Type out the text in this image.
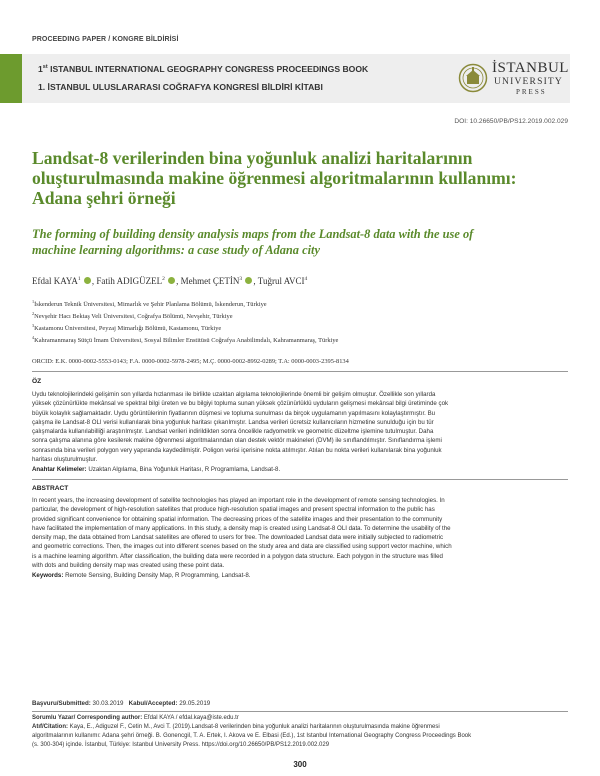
PROCEEDING PAPER / KONGRE BİLDİRİSİ
1st ISTANBUL INTERNATIONAL GEOGRAPHY CONGRESS PROCEEDINGS BOOK
1. İSTANBUL ULUSLARARASI COĞRAFYA KONGRESİ BİLDİRİ KİTABI
İSTANBUL
UNIVERSITY
PRESS
DOI: 10.26650/PB/PS12.2019.002.029
Landsat-8 verilerinden bina yoğunluk analizi haritalarının
oluşturulmasında makine öğrenmesi algoritmalarının kullanımı:
Adana şehri örneği
The forming of building density analysis maps from the Landsat-8 data with the use of
machine learning algorithms: a case study of Adana city
Efdal KAYA$^1$ , Fatih ADIGÜZEL$^2$ , Mehmet ÇETİN$^3$ , Tuğrul AVCI$^4$
$^1$İskenderun Teknik Üniversitesi, Mimarlık ve Şehir Planlama Bölümü, İskenderun, Türkiye
$^2$Nevşehir Hacı Bektaş Veli Üniversitesi, Coğrafya Bölümü, Nevşehir, Türkiye
$^3$Kastamonu Üniversitesi, Peyzaj Mimarlığı Bölümü, Kastamonu, Türkiye
$^4$Kahramanmaraş Sütçü İmam Üniversitesi, Sosyal Bilimler Enstitüsü Coğrafya Anabilimdalı, Kahramanmaraş, Türkiye
ORCID: E.K. 0000-0002-5553-0143; F.A. 0000-0002-5978-2495; M.Ç. 0000-0002-8992-0289; T.A: 0000-0003-2395-8134
ÖZ
Uydu teknolojilerindeki gelişimin son yıllarda hızlanması ile birlikte uzaktan algılama teknolojilerinde önemli bir gelişim olmuştur. Özellikle son yıllarda
yüksek çözünürlükte mekânsal ve spektral bilgi üreten ve bu bilgiyi topluma sunan yüksek çözünürlüklü uyduların gelişmesi mekânsal bilgi üretiminde çok
büyük kolaylık sağlamaktadır. Uydu görüntülerinin fiyatlarının düşmesi ve topluma sunulması da birçok uygulamanın yapılmasını kolaylaştırmıştır. Bu
çalışma ile Landsat-8 OLI verisi kullanılarak bina yoğunluk haritası çıkarılmıştır. Landsa verileri ücretsiz kullanıcıların hizmetine sunulduğu için bu tür
çalışmalarda kullanılabilliği araştırılmıştır. Landsat verileri indirildikten sonra öncelikle radyometrik ve geometric düzeltme işlemine tutulmuştur. Daha
sonra çalışma alanına göre kesilerek makine öğrenmesi algoritmalarından olan destek vektör makineleri (DVM) ile sınıflandılmıştır. Sınıflandırma işlemi
sonrasında bina verileri polygon very yapıranda kaydedilmiştir. Poligon verisi içerisine nokta atılmıştır. Atılan bu nokta verileri kullanılarak bina yoğunluk
haritası oluşturulmuştur.
Anahtar Kelimeler: Uzaktan Algılama, Bina Yoğunluk Haritası, R Programlama, Landsat-8.
ABSTRACT
In recent years, the increasing development of satellite technologies has played an important role in the development of remote sensing technologies. In
particular, the development of high-resolution satellites that produce high-resolution spatial images and present spectral information to the public has
provided significant convenience for obtaining spatial information. The decreasing prices of the satellite images and their presentation to the community
have facilitated the implementation of many applications. In this study, a density map is created using Landsat-8 OLI data. To determine the usability of the
density map, the data obtained from Landsat satellites are offered to users for free. The downloaded Landsat data were initially subjected to radiometric
and geometric corrections. Then, the images cut into different scenes based on the study area and data are classified using support vector machine, which
is a machine learning algorithm. After classification, the building data were recorded in a polygon data structure. Each polygon in the structure was filled
with dots and building density map was created using these point data.
Keywords: Remote Sensing, Building Density Map, R Programming, Landsat-8.
Başvuru/Submitted: 30.03.2019 Kabul/Accepted: 29.05.2019
Sorumlu Yazar/ Corresponding author: Efdal KAYA / efdal.kaya@iste.edu.tr
Atıf/Citation: Kaya, E., Adiguzel F., Cetin M., Avci T. (2019).Landsat-8 verilerinden bina yoğunluk analizi haritalarının oluşturulmasında makine öğrenmesi
algoritmalarının kullanımı: Adana şehri örneği. B. Gonencgil, T. A. Ertek, I. Akova ve E. Elbasi (Ed.), 1st Istanbul International Geography Congress Proceedings Book
(s. 300-304) içinde. İstanbul, Türkiye: Istanbul University Press. https://doi.org/10.26650/PB/PS12.2019.002.029
300
